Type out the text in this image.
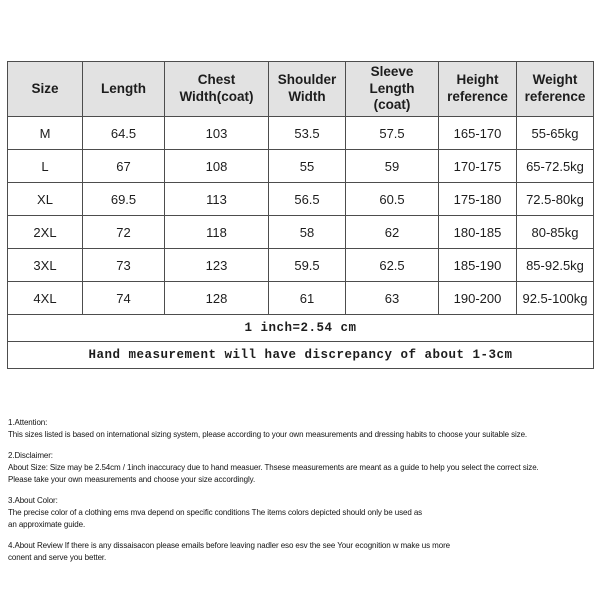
Size	Length	Chest Width(coat)	Shoulder Width	Sleeve Length (coat)	Height reference	Weight reference
M	64.5	103	53.5	57.5	165-170	55-65kg
L	67	108	55	59	170-175	65-72.5kg
XL	69.5	113	56.5	60.5	175-180	72.5-80kg
2XL	72	118	58	62	180-185	80-85kg
3XL	73	123	59.5	62.5	185-190	85-92.5kg
4XL	74	128	61	63	190-200	92.5-100kg
1 inch=2.54 cm						
Hand measurement will have discrepancy of about 1-3cm						
1.Attention:
This sizes listed is based on international sizing system, please according to your own measurements and dressing habits to choose your suitable size.
2.Disclaimer:
About Size: Size may be 2.54cm / 1inch inaccuracy due to hand measuer. Thsese measurements are meant as a guide to help you select the correct size.
Please take your own measurements and choose your size accordingly.
3.About Color:
The precise color of a clothing ems mva depend on specific conditions The items colors depicted should only be used as
an approximate guide.
4.About Review If there is any dissaisacon please emails before leaving nadler eso esv the see Your ecognition w make us more
conent and serve you better.
